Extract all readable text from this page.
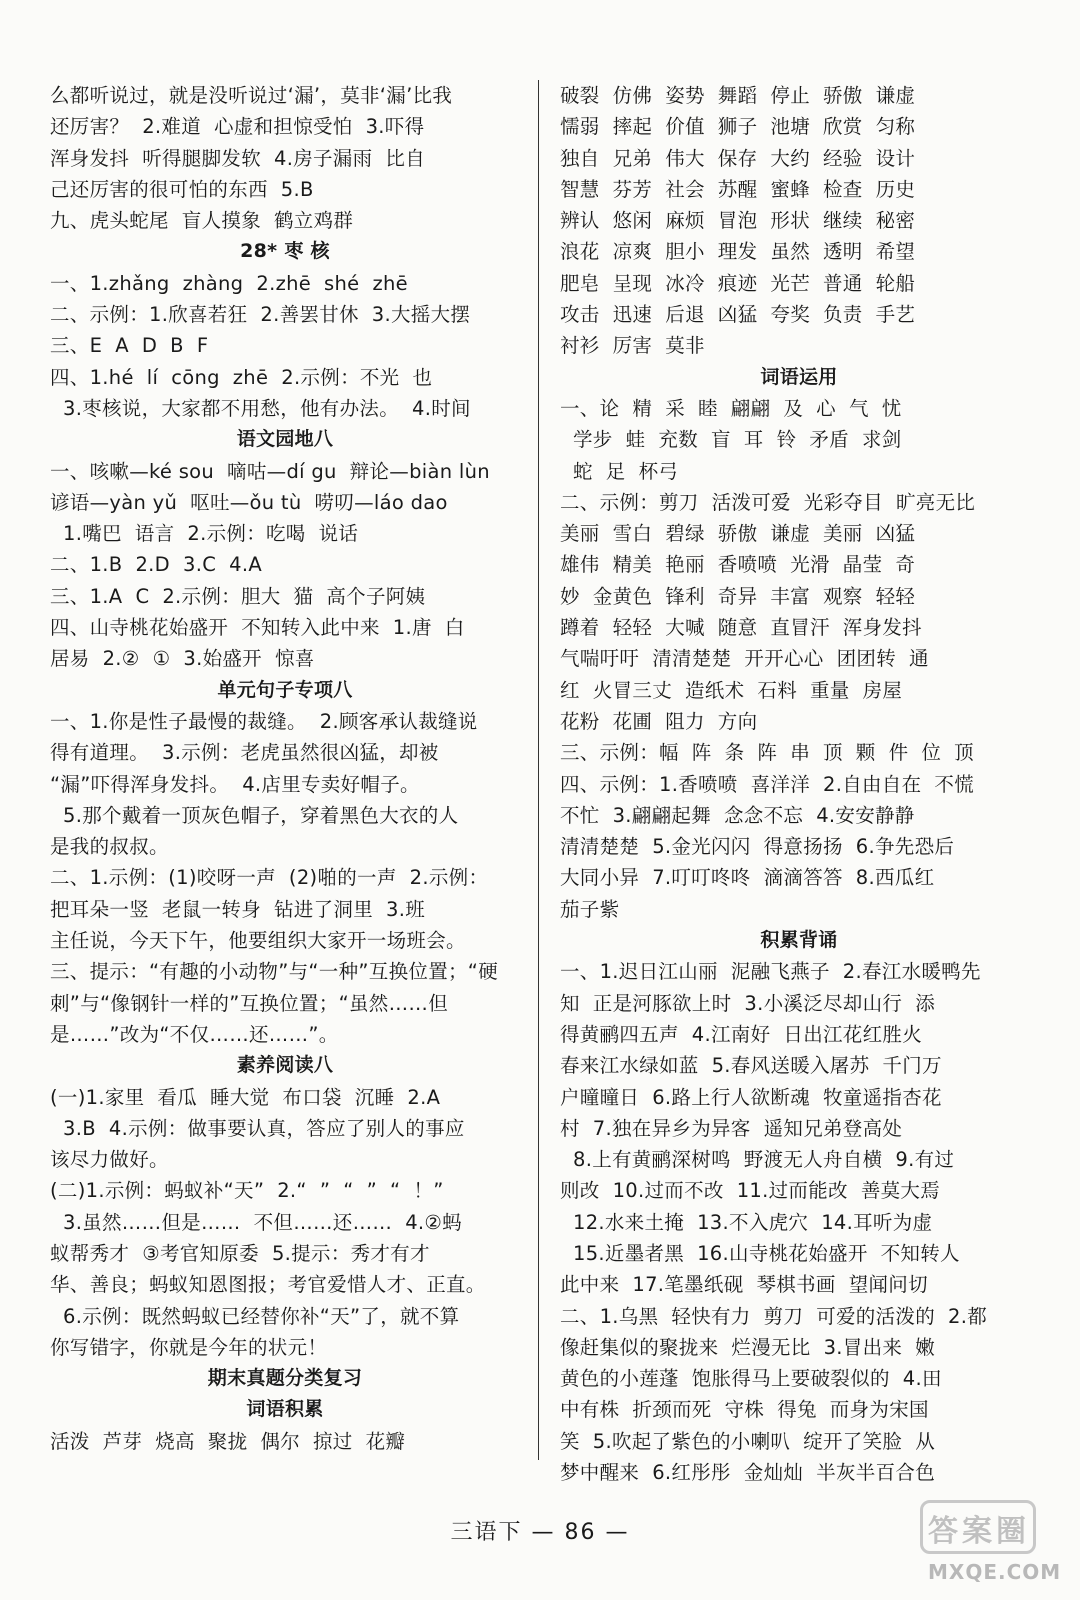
么都听说过，就是没听说过‘漏’，莫非‘漏’比我
还厉害？  2.难道  心虚和担惊受怕  3.吓得
浑身发抖  听得腿脚发软  4.房子漏雨  比自
己还厉害的很可怕的东西  5.B
九、虎头蛇尾  盲人摸象  鹤立鸡群
28* 枣 核
一、1.zhǎng  zhàng  2.zhē  shé  zhē
二、示例：1.欣喜若狂  2.善罢甘休  3.大摇大摆
三、E  A  D  B  F
四、1.hé  lí  cōng  zhē  2.示例：不光  也
3.枣核说，大家都不用愁，他有办法。  4.时间
语文园地八
一、咳嗽—ké sou  嘀咕—dí gu  辩论—biàn lùn
谚语—yàn yǔ  呕吐—ǒu tù  唠叨—láo dao
1.嘴巴  语言  2.示例：吃喝  说话
二、1.B  2.D  3.C  4.A
三、1.A  C  2.示例：胆大  猫  高个子阿姨
四、山寺桃花始盛开  不知转入此中来  1.唐  白
居易  2.②  ①  3.始盛开  惊喜
单元句子专项八
一、1.你是性子最慢的裁缝。  2.顾客承认裁缝说
得有道理。  3.示例：老虎虽然很凶猛，却被
“漏”吓得浑身发抖。  4.店里专卖好帽子。
5.那个戴着一顶灰色帽子，穿着黑色大衣的人
是我的叔叔。
二、1.示例：(1)咬呀一声  (2)啪的一声  2.示例：
把耳朵一竖  老鼠一转身  钻进了洞里  3.班
主任说，今天下午，他要组织大家开一场班会。
三、提示：“有趣的小动物”与“一种”互换位置；“硬
刺”与“像钢针一样的”互换位置；“虽然……但
是……”改为“不仅……还……”。
素养阅读八
(一)1.家里  看瓜  睡大觉  布口袋  沉睡  2.A
3.B  4.示例：做事要认真，答应了别人的事应
该尽力做好。
(二)1.示例：蚂蚁补“天”  2.“  ”  “  ”  “  ！”
3.虽然……但是……  不但……还……  4.②蚂
蚁帮秀才  ③考官知原委  5.提示：秀才有才
华、善良；蚂蚁知恩图报；考官爱惜人才、正直。
6.示例：既然蚂蚁已经替你补“天”了，就不算
你写错字，你就是今年的状元！
期末真题分类复习
词语积累
活泼  芦芽  烧高  聚拢  偶尔  掠过  花瓣
破裂  仿佛  姿势  舞蹈  停止  骄傲  谦虚
懦弱  摔起  价值  狮子  池塘  欣赏  匀称
独自  兄弟  伟大  保存  大约  经验  设计
智慧  芬芳  社会  苏醒  蜜蜂  检查  历史
辨认  悠闲  麻烦  冒泡  形状  继续  秘密
浪花  凉爽  胆小  理发  虽然  透明  希望
肥皂  呈现  冰冷  痕迹  光芒  普通  轮船
攻击  迅速  后退  凶猛  夸奖  负责  手艺
衬衫  厉害  莫非
词语运用
一、论  精  采  睦  翩翩  及  心  气  忧
学步  蛙  充数  盲  耳  铃  矛盾  求剑
蛇  足  杯弓
二、示例：剪刀  活泼可爱  光彩夺目  旷亮无比
美丽  雪白  碧绿  骄傲  谦虚  美丽  凶猛
雄伟  精美  艳丽  香喷喷  光滑  晶莹  奇
妙  金黄色  锋利  奇异  丰富  观察  轻轻
蹲着  轻轻  大喊  随意  直冒汗  浑身发抖
气喘吁吁  清清楚楚  开开心心  团团转  通
红  火冒三丈  造纸术  石料  重量  房屋
花粉  花圃  阻力  方向
三、示例：幅  阵  条  阵  串  顶  颗  件  位  顶
四、示例：1.香喷喷  喜洋洋  2.自由自在  不慌
不忙  3.翩翩起舞  念念不忘  4.安安静静
清清楚楚  5.金光闪闪  得意扬扬  6.争先恐后
大同小异  7.叮叮咚咚  滴滴答答  8.西瓜红
茄子紫
积累背诵
一、1.迟日江山丽  泥融飞燕子  2.春江水暖鸭先
知  正是河豚欲上时  3.小溪泛尽却山行  添
得黄鹂四五声  4.江南好  日出江花红胜火
春来江水绿如蓝  5.春风送暖入屠苏  千门万
户曈曈日  6.路上行人欲断魂  牧童遥指杏花
村  7.独在异乡为异客  遥知兄弟登高处
8.上有黄鹂深树鸣  野渡无人舟自横  9.有过
则改  10.过而不改  11.过而能改  善莫大焉
12.水来土掩  13.不入虎穴  14.耳听为虚
15.近墨者黑  16.山寺桃花始盛开  不知转人
此中来  17.笔墨纸砚  琴棋书画  望闻问切
二、1.乌黑  轻快有力  剪刀  可爱的活泼的  2.都
像赶集似的聚拢来  烂漫无比  3.冒出来  嫩
黄色的小莲蓬  饱胀得马上要破裂似的  4.田
中有株  折颈而死  守株  得兔  而身为宋国
笑  5.吹起了紫色的小喇叭  绽开了笑脸  从
梦中醒来  6.红彤彤  金灿灿  半灰半百合色
三语下 — 86 —	答 案 圈
MXQE.COM
